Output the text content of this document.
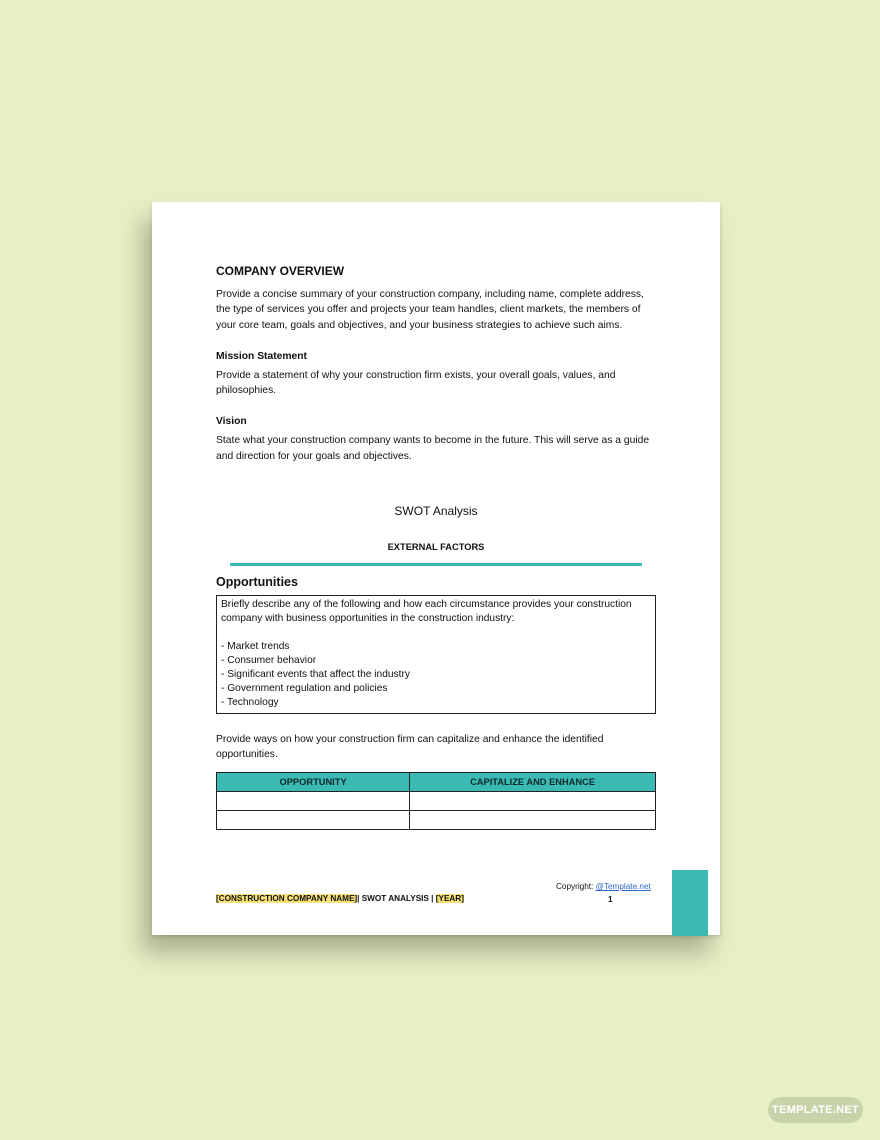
COMPANY OVERVIEW

Provide a concise summary of your construction company, including name, complete address, the type of services you offer and projects your team handles, client markets, the members of your core team, goals and objectives, and your business strategies to achieve such aims.

Mission Statement

Provide a statement of why your construction firm exists, your overall goals, values, and philosophies.

Vision

State what your construction company wants to become in the future. This will serve as a guide and direction for your goals and objectives.

SWOT Analysis
EXTERNAL FACTORS
Opportunities
Briefly describe any of the following and how each circumstance provides your construction company with business opportunities in the construction industry:
- Market trends
- Consumer behavior
- Significant events that affect the industry
- Government regulation and policies
- Technology

Provide ways on how your construction firm can capitalize and enhance the identified opportunities.

OPPORTUNITY	CAPITALIZE AND ENHANCE

[CONSTRUCTION COMPANY NAME]| SWOT ANALYSIS | [YEAR]
Copyright: @Template.net
1
TEMPLATE.NET
